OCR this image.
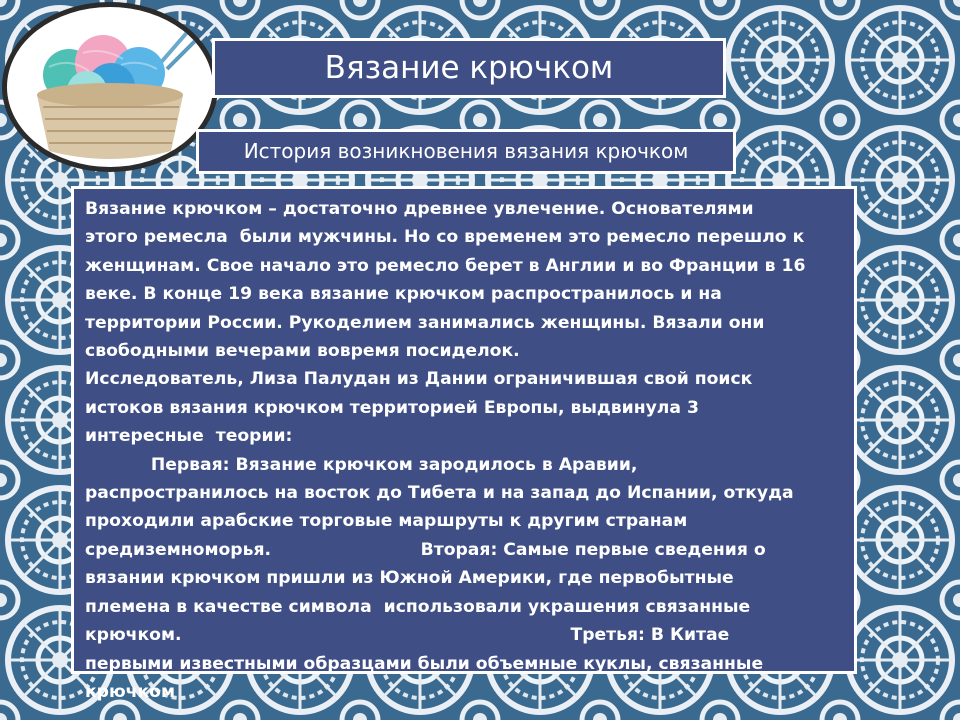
Вязание крючком
История возникновения вязания крючком
Вязание крючком – достаточно древнее увлечение. Основателями
этого ремесла  были мужчины. Но со временем это ремесло перешло к
женщинам. Свое начало это ремесло берет в Англии и во Франции в 16
веке. В конце 19 века вязание крючком распространилось и на
территории России. Рукоделием занимались женщины. Вязали они
свободными вечерами вовремя посиделок.
Исследователь, Лиза Палудан из Дании ограничившая свой поиск
истоков вязания крючком территорией Европы, выдвинула 3
интересные  теории:
Первая: Вязание крючком зародилось в Аравии,
распространилось на восток до Тибета и на запад до Испании, откуда
проходили арабские торговые маршруты к другим странам
средиземноморья.                         Вторая: Самые первые сведения о
вязании крючком пришли из Южной Америки, где первобытные
племена в качестве символа  использовали украшения связанные
крючком.                                                                 Третья: В Китае
первыми известными образцами были объемные куклы, связанные
крючком
